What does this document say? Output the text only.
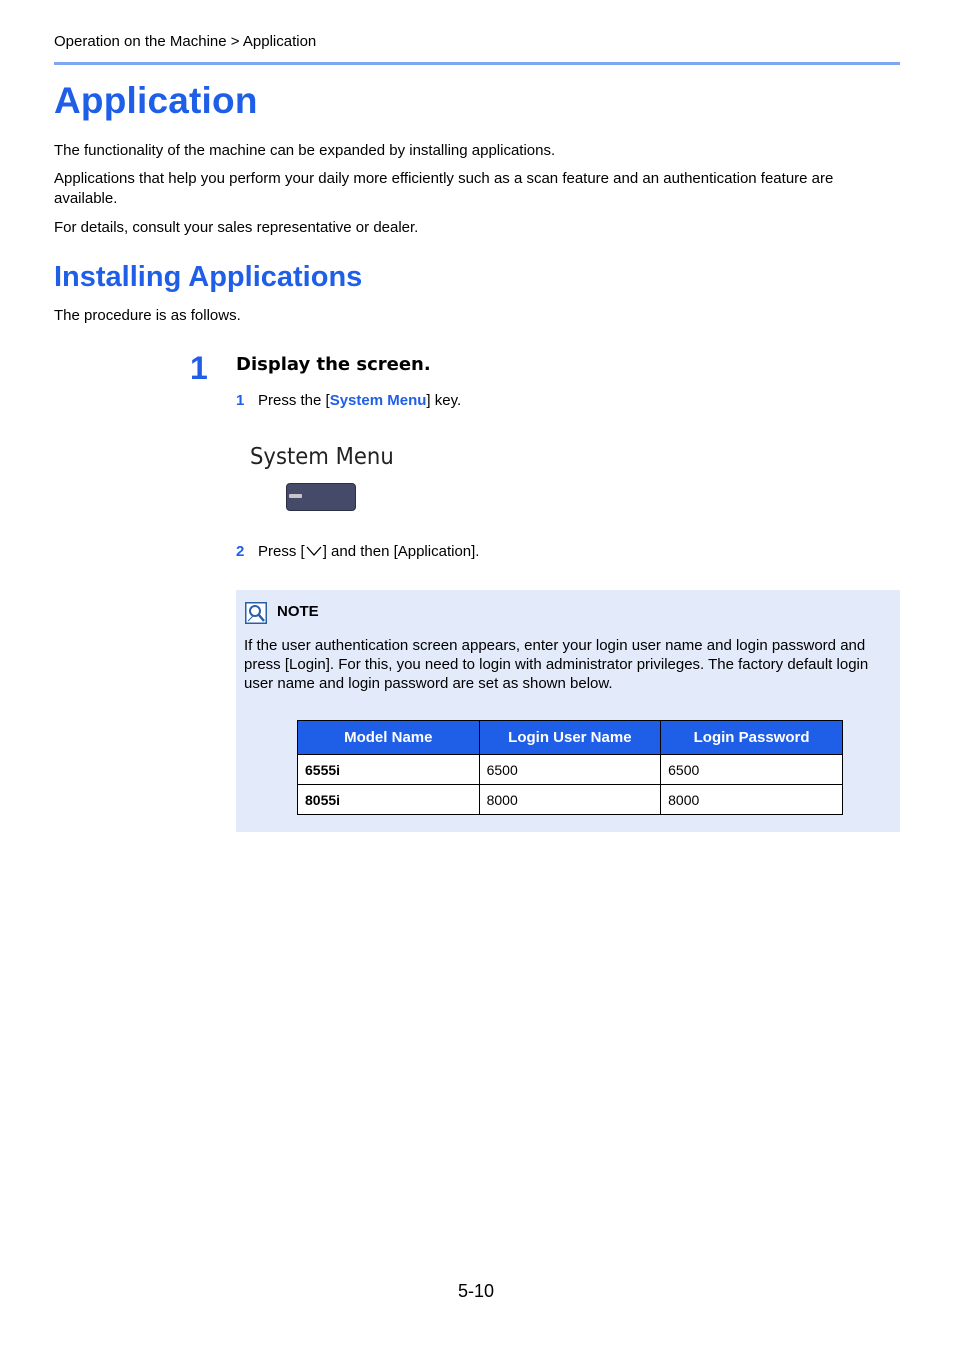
Operation on the Machine > Application
Application
The functionality of the machine can be expanded by installing applications.
Applications that help you perform your daily more efficiently such as a scan feature and an authentication feature are available.
For details, consult your sales representative or dealer.
Installing Applications
The procedure is as follows.
1 Display the screen.
1 Press the [System Menu] key.
System Menu
2 Press [ ] and then [Application].
NOTE
If the user authentication screen appears, enter your login user name and login password and press [Login]. For this, you need to login with administrator privileges. The factory default login user name and login password are set as shown below.
Model Name	Login User Name	Login Password
6555i	6500	6500
8055i	8000	8000
5-10
